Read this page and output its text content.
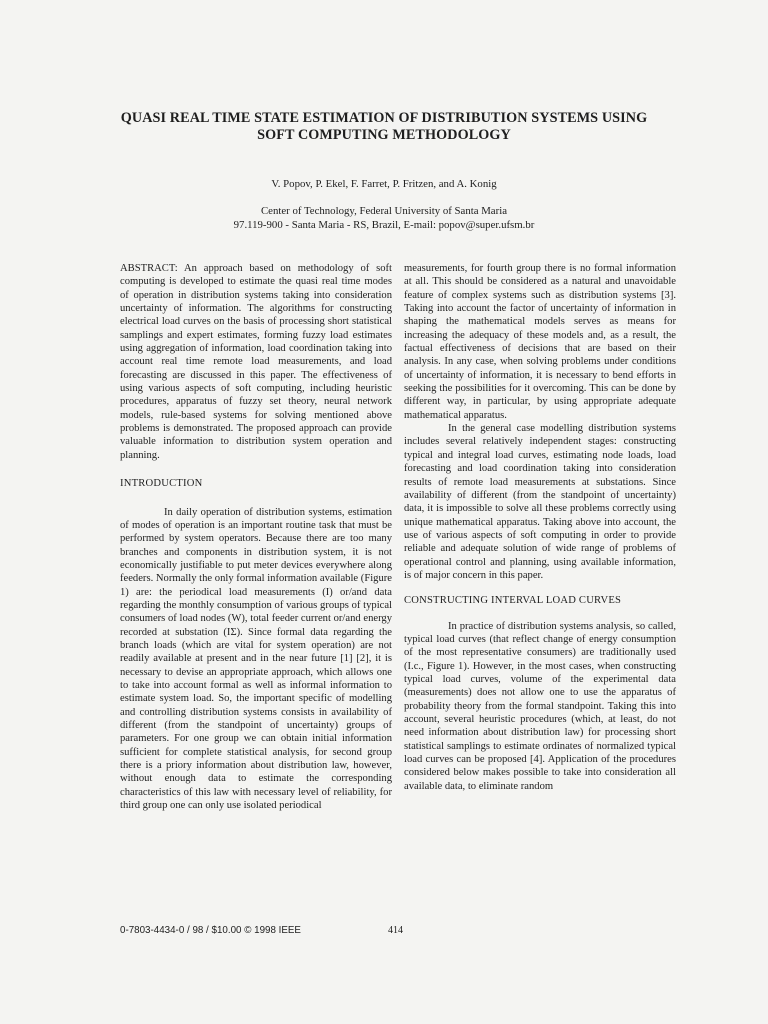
QUASI REAL TIME STATE ESTIMATION OF DISTRIBUTION SYSTEMS USING
SOFT COMPUTING METHODOLOGY
V. Popov, P. Ekel, F. Farret, P. Fritzen, and A. Konig
Center of Technology, Federal University of Santa Maria
97.119-900 - Santa Maria - RS, Brazil, E-mail: popov@super.ufsm.br

ABSTRACT: An approach based on methodology of soft computing is developed to estimate the quasi real time modes of operation in distribution systems taking into consideration uncertainty of information. The algorithms for constructing electrical load curves on the basis of processing short statistical samplings and expert estimates, forming fuzzy load estimates using aggregation of information, load coordination taking into account real time remote load measurements, and load forecasting are discussed in this paper. The effectiveness of using various aspects of soft computing, including heuristic procedures, apparatus of fuzzy set theory, neural network models, rule-based systems for solving mentioned above problems is demonstrated. The proposed approach can provide valuable information to distribution system operation and planning.

INTRODUCTION

In daily operation of distribution systems, estimation of modes of operation is an important routine task that must be performed by system operators. Because there are too many branches and components in distribution system, it is not economically justifiable to put meter devices everywhere along feeders. Normally the only formal information available (Figure 1) are: the periodical load measurements (I) or/and data regarding the monthly consumption of various groups of typical consumers of load nodes (W), total feeder current or/and energy recorded at substation (IΣ). Since formal data regarding the branch loads (which are vital for system operation) are not readily available at present and in the near future [1] [2], it is necessary to devise an appropriate approach, which allows one to take into account formal as well as informal information to estimate system load. So, the important specific of modelling and controlling distribution systems consists in availability of different (from the standpoint of uncertainty) groups of parameters. For one group we can obtain initial information sufficient for complete statistical analysis, for second group there is a priory information about distribution law, however, without enough data to estimate the corresponding characteristics of this law with necessary level of reliability, for third group one can only use isolated periodical

measurements, for fourth group there is no formal information at all. This should be considered as a natural and unavoidable feature of complex systems such as distribution systems [3]. Taking into account the factor of uncertainty of information in shaping the mathematical models serves as means for increasing the adequacy of these models and, as a result, the factual effectiveness of decisions that are based on their analysis. In any case, when solving problems under conditions of uncertainty of information, it is necessary to bend efforts in seeking the possibilities for it overcoming. This can be done by different way, in particular, by using appropriate adequate mathematical apparatus.

In the general case modelling distribution systems includes several relatively independent stages: constructing typical and integral load curves, estimating node loads, load forecasting and load coordination taking into consideration results of remote load measurements at substations. Since availability of different (from the standpoint of uncertainty) data, it is impossible to solve all these problems correctly using unique mathematical apparatus. Taking above into account, the use of various aspects of soft computing in order to provide reliable and adequate solution of wide range of problems of operational control and planning, using available information, is of major concern in this paper.

CONSTRUCTING INTERVAL LOAD CURVES

In practice of distribution systems analysis, so called, typical load curves (that reflect change of energy consumption of the most representative consumers) are traditionally used (I.c., Figure 1). However, in the most cases, when constructing typical load curves, volume of the experimental data (measurements) does not allow one to use the apparatus of probability theory from the formal standpoint. Taking this into account, several heuristic procedures (which, at least, do not need information about distribution law) for processing short statistical samplings to estimate ordinates of normalized typical load curves can be proposed [4]. Application of the procedures considered below makes possible to take into consideration all available data, to eliminate random

0-7803-4434-0 / 98 / $10.00 © 1998 IEEE	414
